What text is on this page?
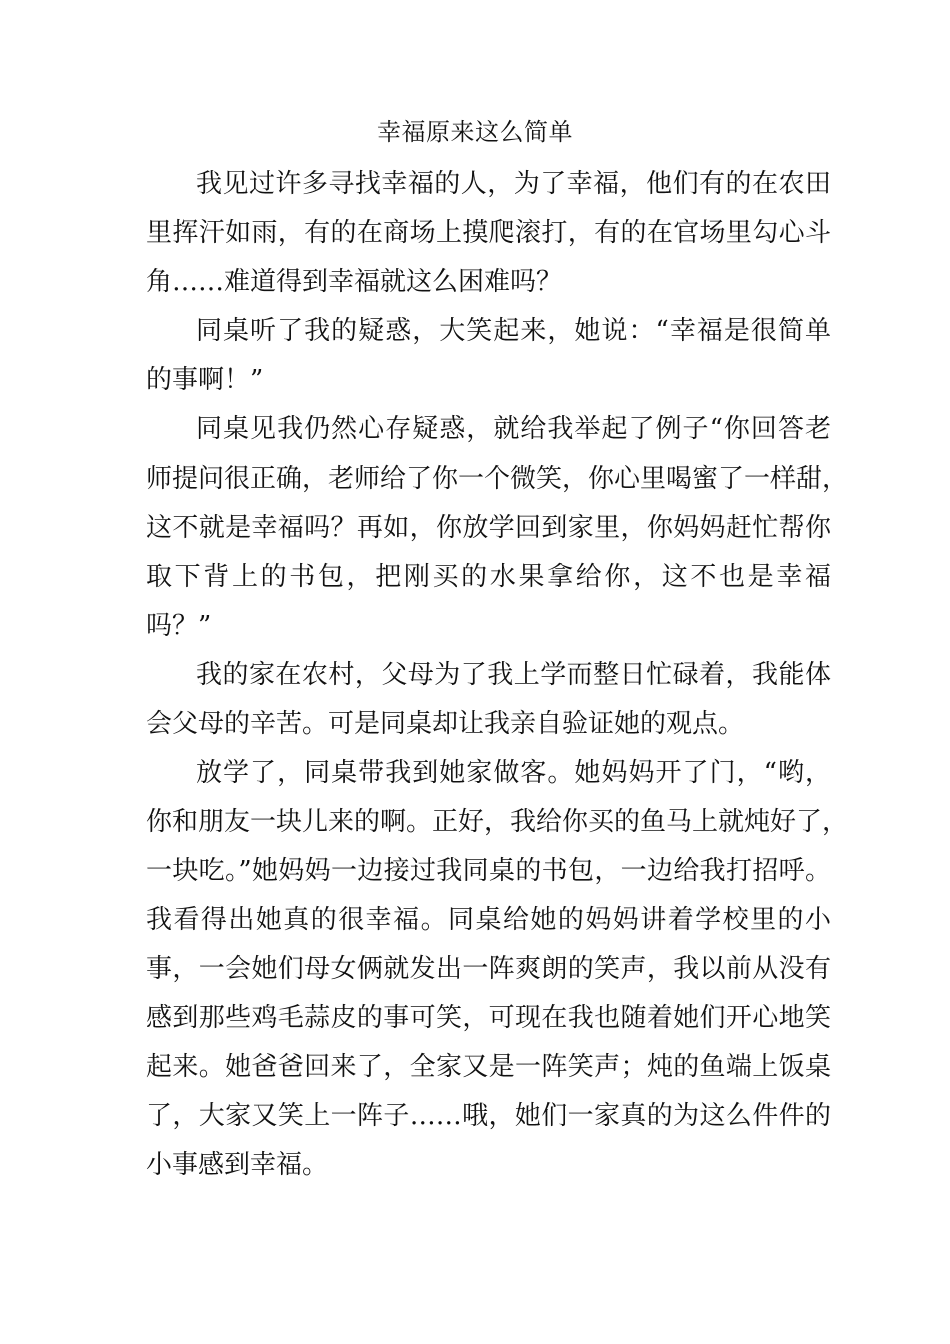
幸福原来这么简单
我见过许多寻找幸福的人，为了幸福，他们有的在农田
里挥汗如雨，有的在商场上摸爬滚打，有的在官场里勾心斗
角……难道得到幸福就这么困难吗？
同桌听了我的疑惑，大笑起来，她说：“幸福是很简单
的事啊！”
同桌见我仍然心存疑惑，就给我举起了例子“你回答老
师提问很正确，老师给了你一个微笑，你心里喝蜜了一样甜，
这不就是幸福吗？再如，你放学回到家里，你妈妈赶忙帮你
取下背上的书包，把刚买的水果拿给你，这不也是幸福
吗？”
我的家在农村，父母为了我上学而整日忙碌着，我能体
会父母的辛苦。可是同桌却让我亲自验证她的观点。
放学了，同桌带我到她家做客。她妈妈开了门，“哟，
你和朋友一块儿来的啊。正好，我给你买的鱼马上就炖好了，
一块吃。”她妈妈一边接过我同桌的书包，一边给我打招呼。
我看得出她真的很幸福。同桌给她的妈妈讲着学校里的小
事，一会她们母女俩就发出一阵爽朗的笑声，我以前从没有
感到那些鸡毛蒜皮的事可笑，可现在我也随着她们开心地笑
起来。她爸爸回来了，全家又是一阵笑声；炖的鱼端上饭桌
了，大家又笑上一阵子……哦，她们一家真的为这么件件的
小事感到幸福。
